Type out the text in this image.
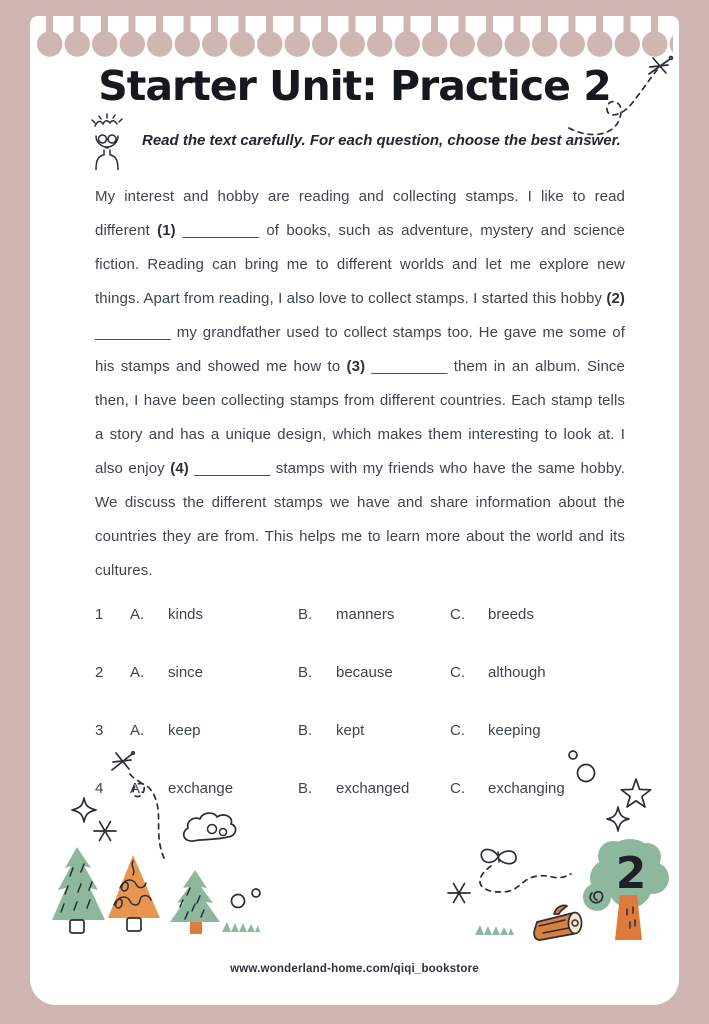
Starter Unit: Practice 2
Read the text carefully. For each question, choose the best answer.

My interest and hobby are reading and collecting stamps. I like to read different (1) _________ of books, such as adventure, mystery and science fiction. Reading can bring me to different worlds and let me explore new things. Apart from reading, I also love to collect stamps. I started this hobby (2) _________ my grandfather used to collect stamps too. He gave me some of his stamps and showed me how to (3) _________ them in an album. Since then, I have been collecting stamps from different countries. Each stamp tells a story and has a unique design, which makes them interesting to look at. I also enjoy (4) _________ stamps with my friends who have the same hobby. We discuss the different stamps we have and share information about the countries they are from. This helps me to learn more about the world and its cultures.

1	A.	kinds	B.	manners	C.	breeds
2	A.	since	B.	because	C.	although
3	A.	keep	B.	kept	C.	keeping
4	A.	exchange	B.	exchanged	C.	exchanging
2
www.wonderland-home.com/qiqi_bookstore
